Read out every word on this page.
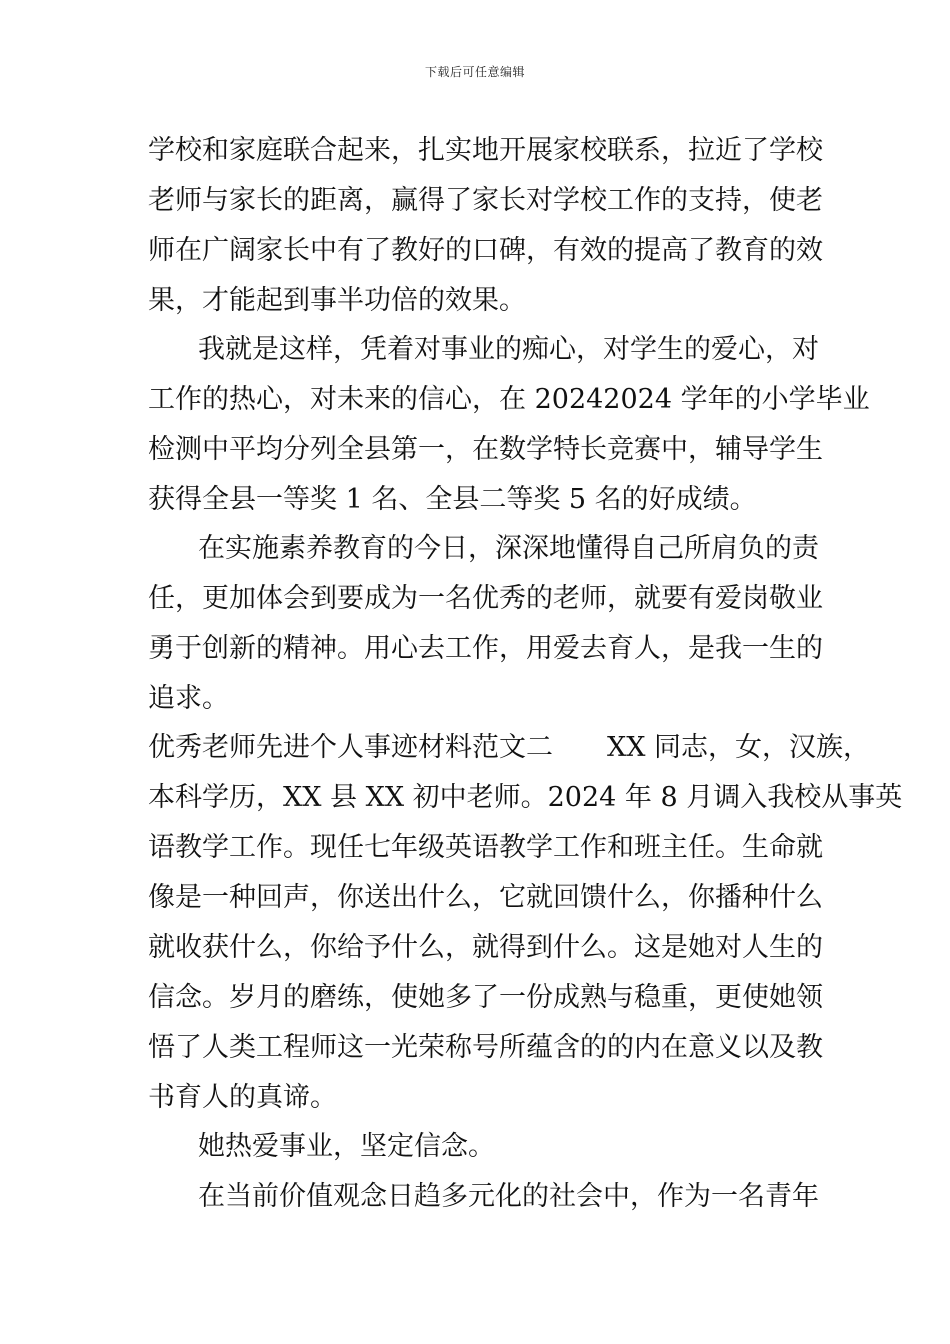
下载后可任意编辑
学校和家庭联合起来，扎实地开展家校联系，拉近了学校
老师与家长的距离，赢得了家长对学校工作的支持，使老
师在广阔家长中有了教好的口碑，有效的提高了教育的效
果，才能起到事半功倍的效果。
我就是这样，凭着对事业的痴心，对学生的爱心，对
工作的热心，对未来的信心，在 20242024 学年的小学毕业
检测中平均分列全县第一，在数学特长竞赛中，辅导学生
获得全县一等奖 1 名、全县二等奖 5 名的好成绩。
在实施素养教育的今日，深深地懂得自己所肩负的责
任，更加体会到要成为一名优秀的老师，就要有爱岗敬业
勇于创新的精神。用心去工作，用爱去育人，是我一生的
追求。
优秀老师先进个人事迹材料范文二　　XX 同志，女，汉族，
本科学历，XX 县 XX 初中老师。2024 年 8 月调入我校从事英
语教学工作。现任七年级英语教学工作和班主任。生命就
像是一种回声，你送出什么，它就回馈什么，你播种什么
就收获什么，你给予什么，就得到什么。这是她对人生的
信念。岁月的磨练，使她多了一份成熟与稳重，更使她领
悟了人类工程师这一光荣称号所蕴含的的内在意义以及教
书育人的真谛。
她热爱事业，坚定信念。
在当前价值观念日趋多元化的社会中，作为一名青年
